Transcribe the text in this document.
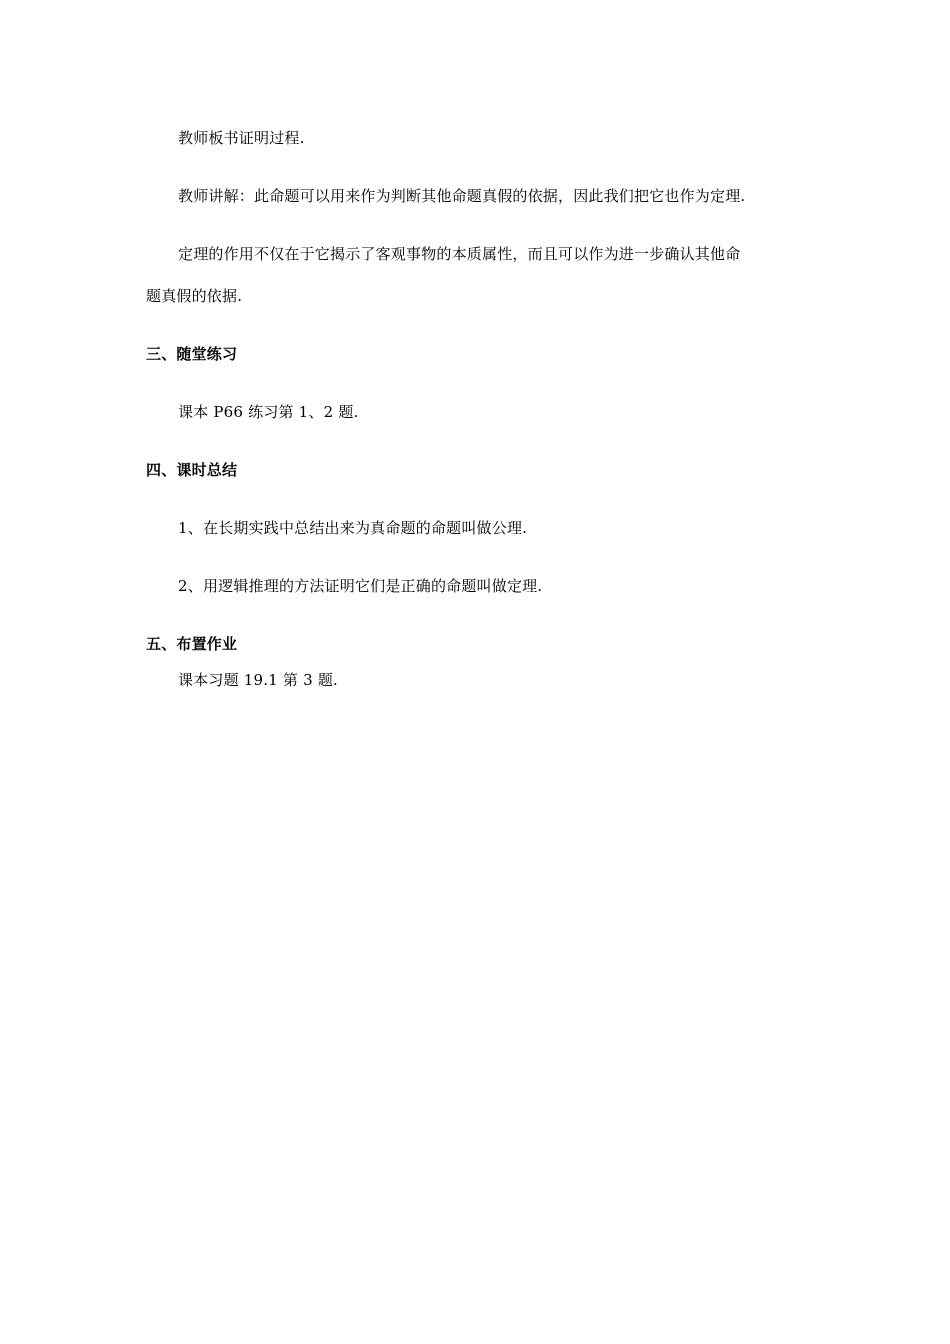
教师板书证明过程.
教师讲解：此命题可以用来作为判断其他命题真假的依据，因此我们把它也作为定理.
定理的作用不仅在于它揭示了客观事物的本质属性，而且可以作为进一步确认其他命
题真假的依据.
三、随堂练习
课本 P66 练习第 1、2 题.
四、课时总结
1、在长期实践中总结出来为真命题的命题叫做公理.
2、用逻辑推理的方法证明它们是正确的命题叫做定理.
五、布置作业
课本习题 19.1 第 3 题.
